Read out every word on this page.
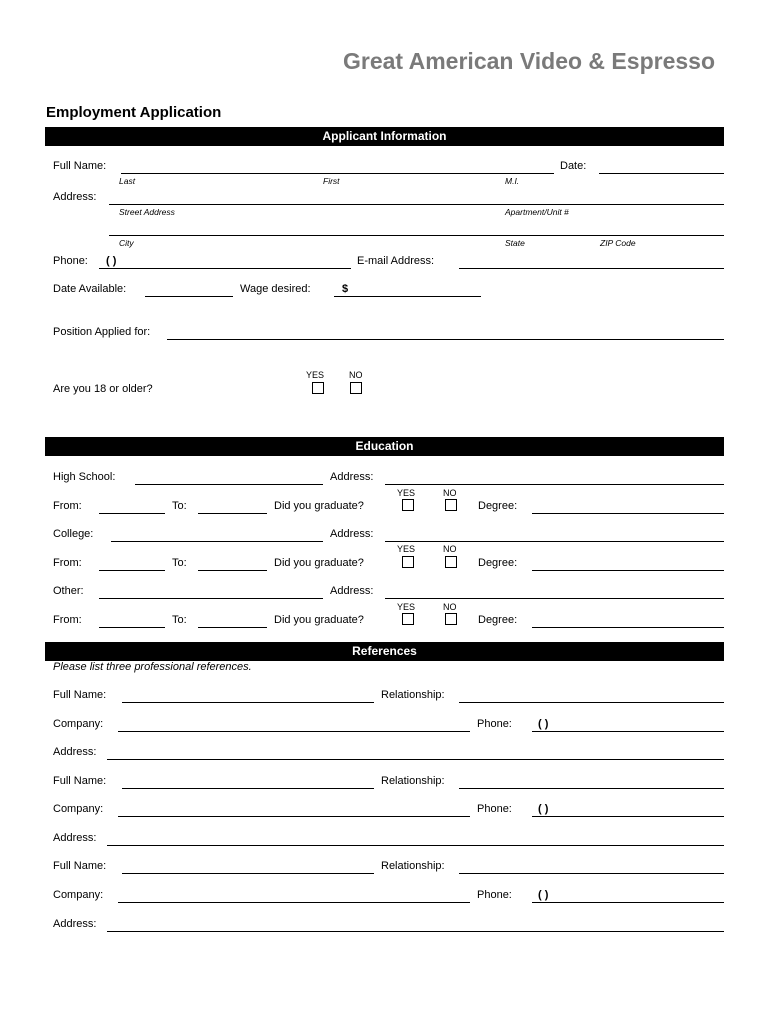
Great American Video & Espresso
Employment Application
Applicant Information
Full Name:	Date:
Last	First	M.I.
Address:
Street Address	Apartment/Unit #
City	State	ZIP Code
Phone: ( )	E-mail Address:
Date Available:	Wage desired:	$
Position Applied for:
YES	NO
Are you 18 or older?
Education
High School:	Address:
YES	NO
From:	To:	Did you graduate?	Degree:
College:	Address:
YES	NO
From:	To:	Did you graduate?	Degree:
Other:	Address:
YES	NO
From:	To:	Did you graduate?	Degree:
References
Please list three professional references.
Full Name:	Relationship:
Company:	Phone: ( )
Address:
Full Name:	Relationship:
Company:	Phone: ( )
Address:
Full Name:	Relationship:
Company:	Phone: ( )
Address:
